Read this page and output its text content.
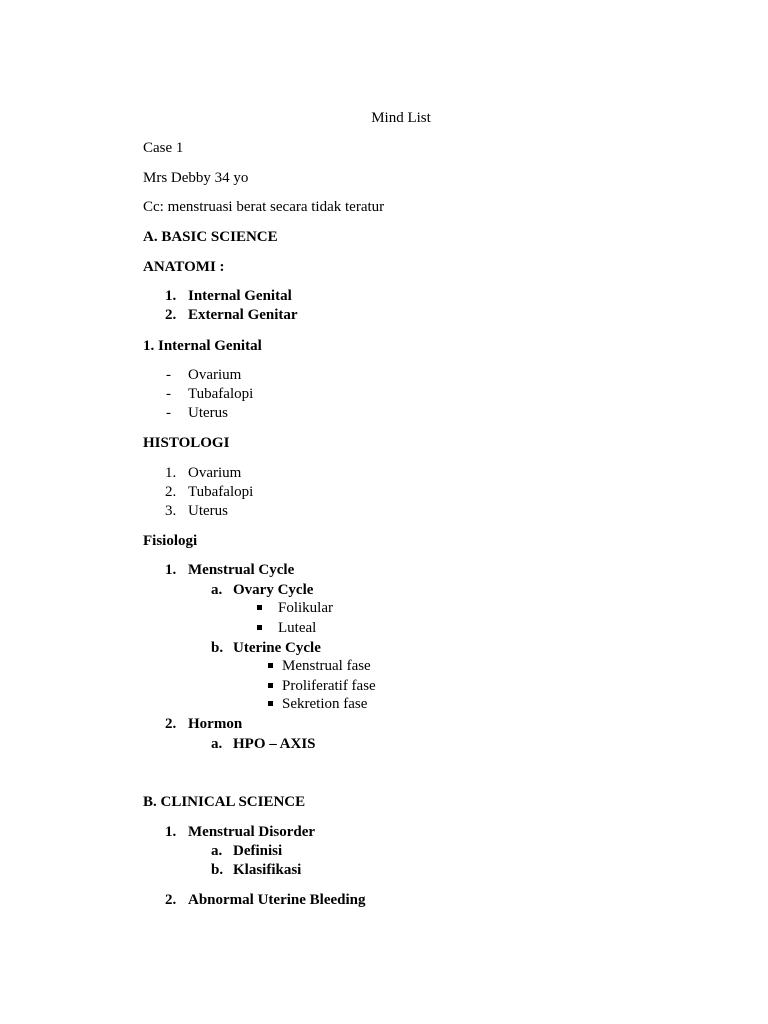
Mind List
Case 1
Mrs Debby 34 yo
Cc: menstruasi berat secara tidak teratur
A. BASIC SCIENCE
ANATOMI :
1. Internal Genital
2. External Genitar
1. Internal Genital
- Ovarium
- Tubafalopi
- Uterus
HISTOLOGI
1. Ovarium
2. Tubafalopi
3. Uterus
Fisiologi
1. Menstrual Cycle
a. Ovary Cycle
Folikular
Luteal
b. Uterine Cycle
Menstrual fase
Proliferatif fase
Sekretion fase
2. Hormon
a. HPO – AXIS
B. CLINICAL SCIENCE
1. Menstrual Disorder
a. Definisi
b. Klasifikasi
2. Abnormal Uterine Bleeding
